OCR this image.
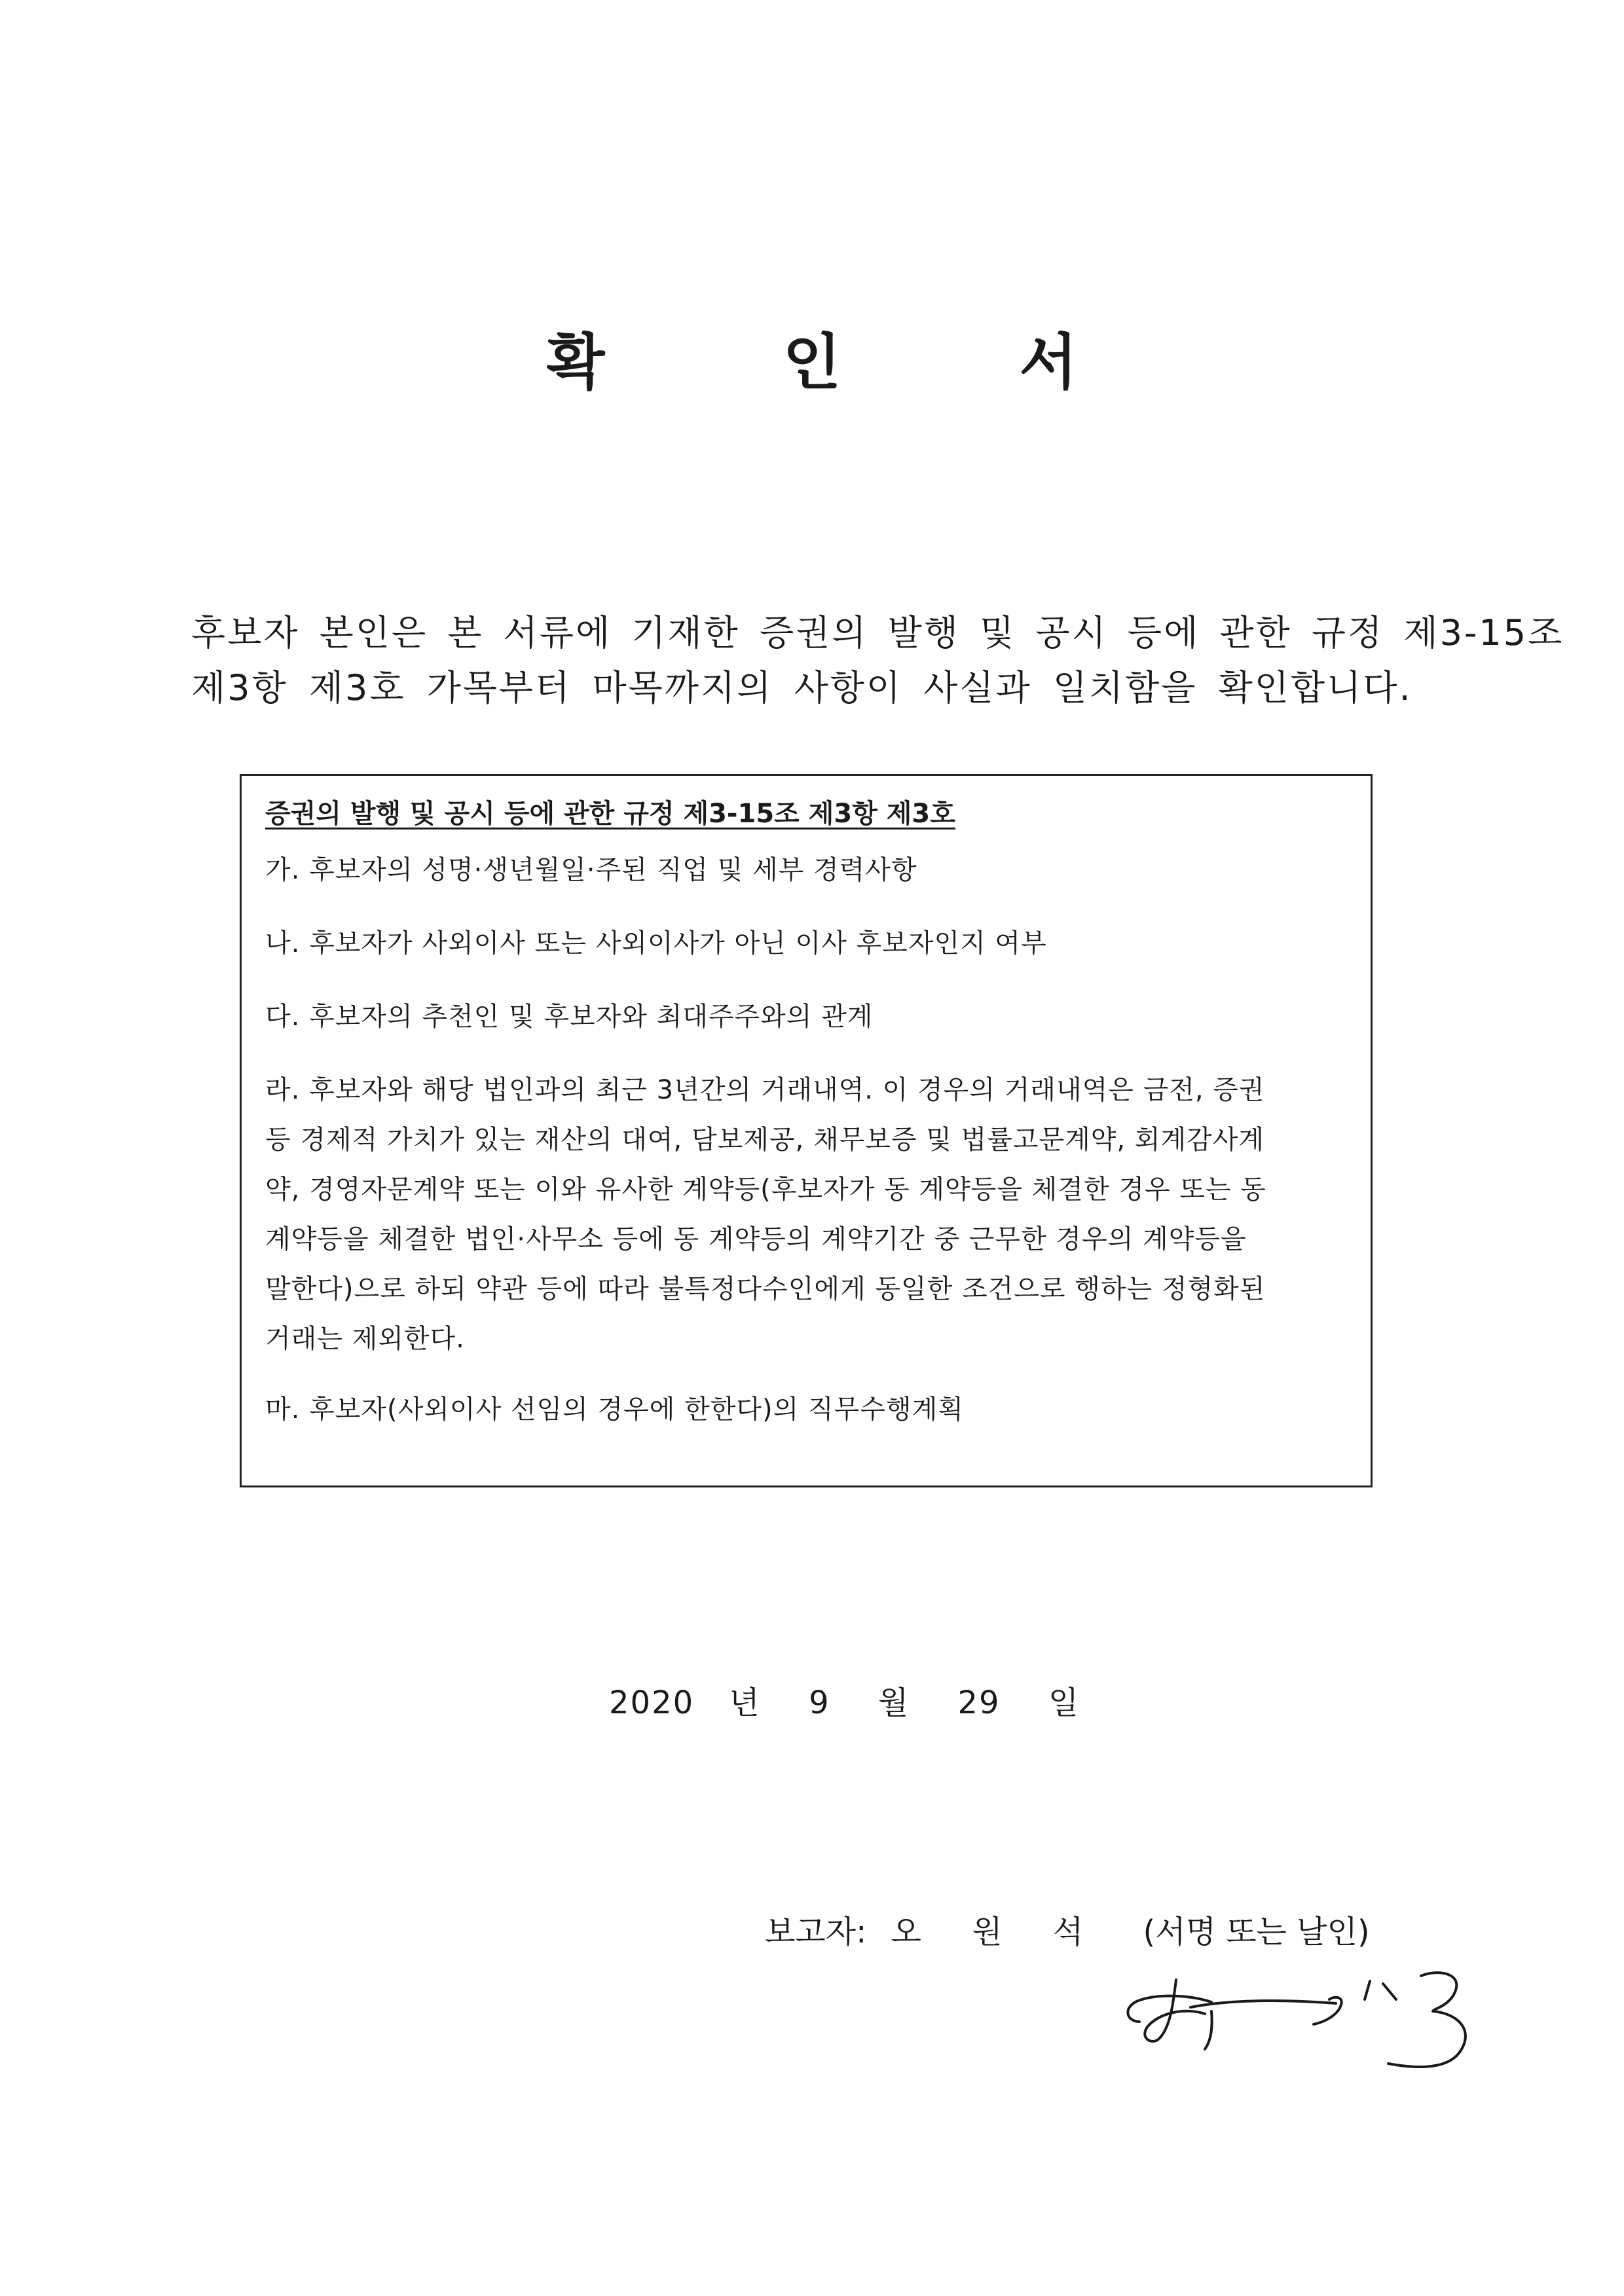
확 인 서
후보자 본인은 본 서류에 기재한 증권의 발행 및 공시 등에 관한 규정 제3-15조
제3항 제3호 가목부터 마목까지의 사항이 사실과 일치함을 확인합니다.
증권의 발행 및 공시 등에 관한 규정 제3-15조 제3항 제3호
가. 후보자의 성명·생년월일·주된 직업 및 세부 경력사항
나. 후보자가 사외이사 또는 사외이사가 아닌 이사 후보자인지 여부
다. 후보자의 추천인 및 후보자와 최대주주와의 관계
라. 후보자와 해당 법인과의 최근 3년간의 거래내역. 이 경우의 거래내역은 금전, 증권
등 경제적 가치가 있는 재산의 대여, 담보제공, 채무보증 및 법률고문계약, 회계감사계
약, 경영자문계약 또는 이와 유사한 계약등(후보자가 동 계약등을 체결한 경우 또는 동
계약등을 체결한 법인·사무소 등에 동 계약등의 계약기간 중 근무한 경우의 계약등을
말한다)으로 하되 약관 등에 따라 불특정다수인에게 동일한 조건으로 행하는 정형화된
거래는 제외한다.
마. 후보자(사외이사 선임의 경우에 한한다)의 직무수행계획
2020 년 9 월 29 일
보고자: 오 원 석 (서명 또는 날인)
